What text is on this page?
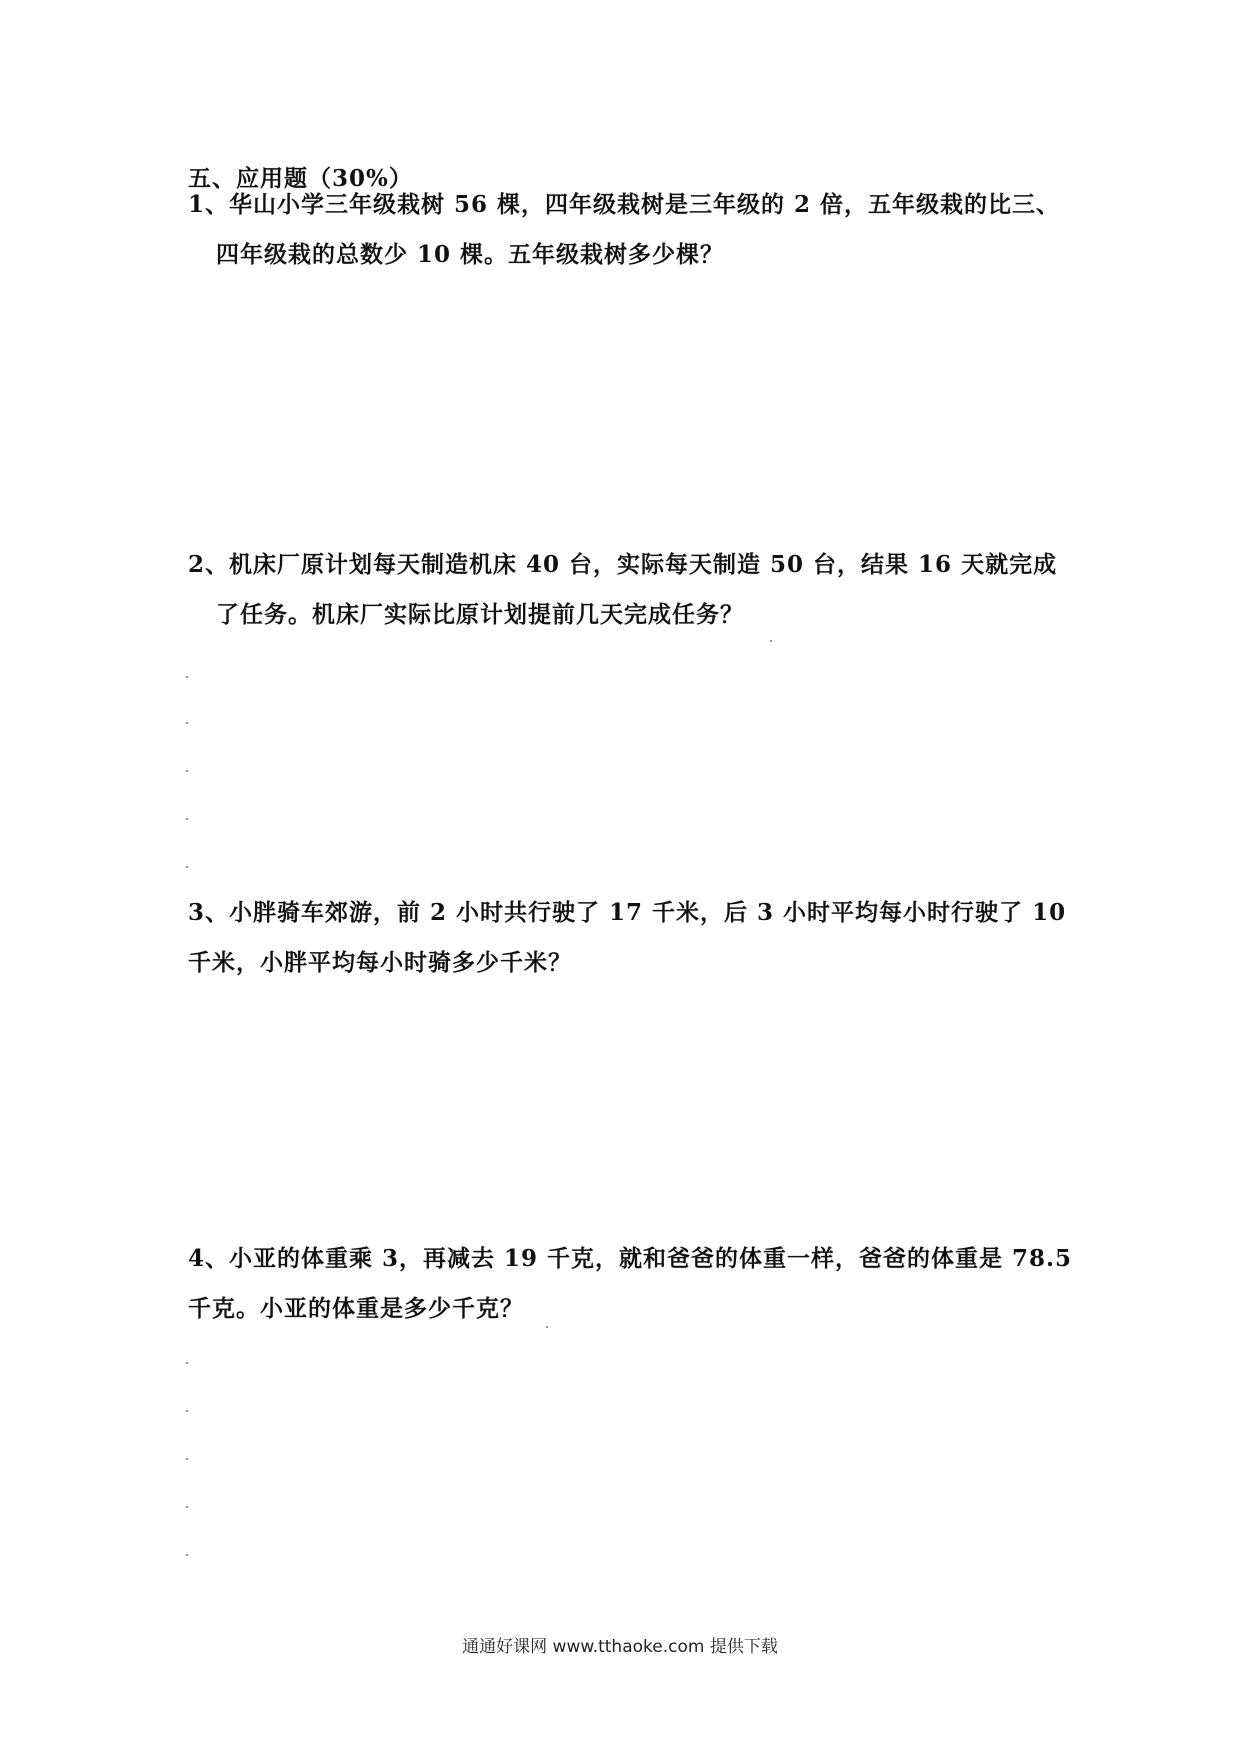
五、应用题（30%）
1、华山小学三年级栽树 56 棵，四年级栽树是三年级的 2 倍，五年级栽的比三、
四年级栽的总数少 10 棵。五年级栽树多少棵？
2、机床厂原计划每天制造机床 40 台，实际每天制造 50 台，结果 16 天就完成
了任务。机床厂实际比原计划提前几天完成任务？
3、小胖骑车郊游，前 2 小时共行驶了 17 千米，后 3 小时平均每小时行驶了 10
千米，小胖平均每小时骑多少千米？
4、小亚的体重乘 3，再减去 19 千克，就和爸爸的体重一样，爸爸的体重是 78.5
千克。小亚的体重是多少千克？
通通好课网 www.tthaoke.com 提供下载
